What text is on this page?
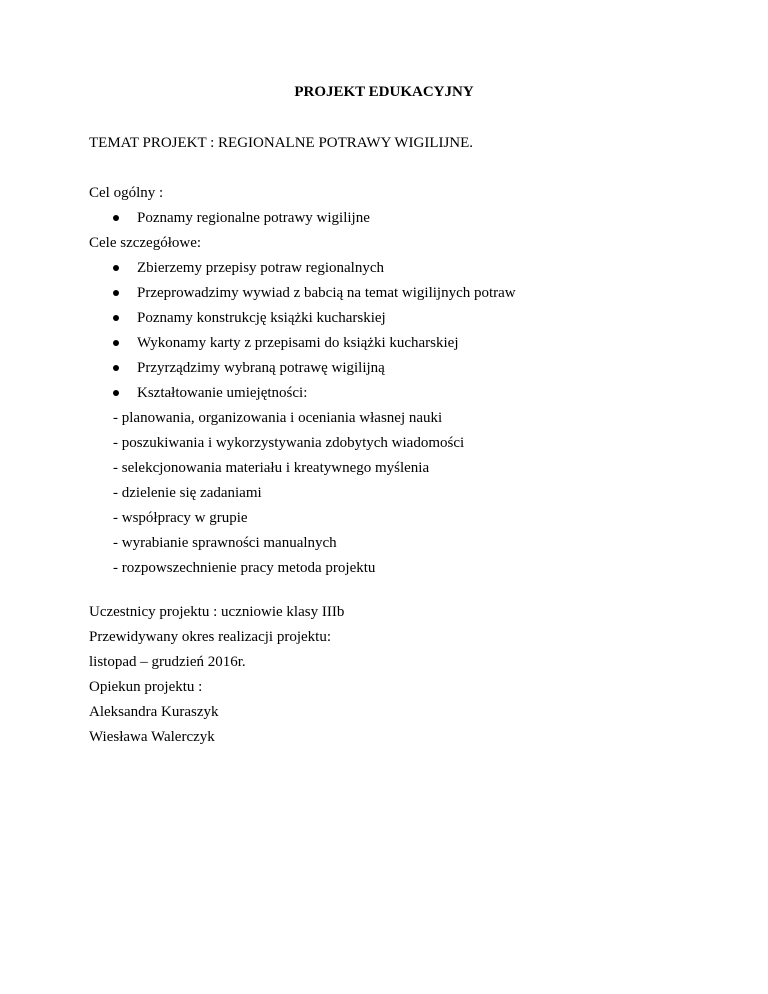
PROJEKT EDUKACYJNY
TEMAT PROJEKT : REGIONALNE POTRAWY WIGILIJNE.
Cel ogólny :
Poznamy regionalne potrawy wigilijne
Cele szczegółowe:
Zbierzemy przepisy potraw regionalnych
Przeprowadzimy wywiad z babcią na temat wigilijnych potraw
Poznamy konstrukcję książki kucharskiej
Wykonamy karty z przepisami do książki kucharskiej
Przyrządzimy wybraną potrawę wigilijną
Kształtowanie umiejętności:
- planowania, organizowania i oceniania własnej nauki
- poszukiwania i wykorzystywania zdobytych wiadomości
- selekcjonowania materiału i kreatywnego myślenia
- dzielenie się zadaniami
- współpracy w grupie
- wyrabianie sprawności manualnych
- rozpowszechnienie pracy metoda projektu
Uczestnicy projektu : uczniowie klasy IIIb
Przewidywany okres realizacji projektu:
listopad – grudzień 2016r.
Opiekun projektu :
Aleksandra Kuraszyk
Wiesława Walerczyk
